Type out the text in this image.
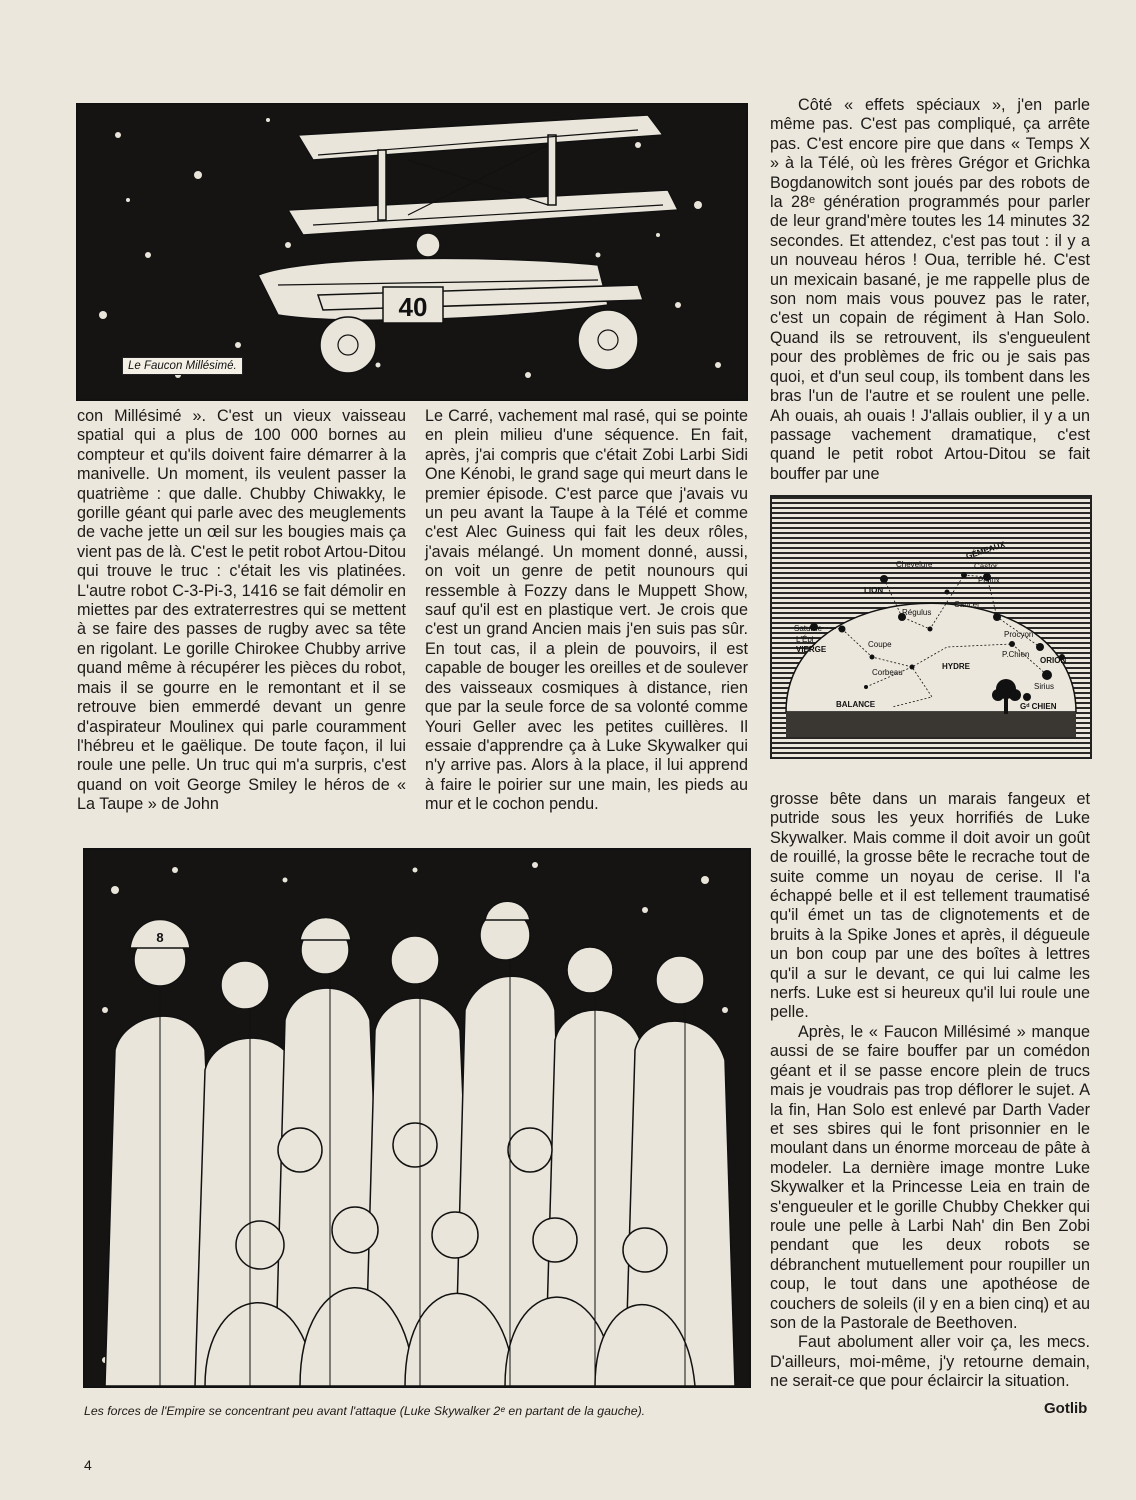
40
Le Faucon Millésimé.

Côté « effets spéciaux », j'en parle même pas. C'est pas compliqué, ça arrête pas. C'est encore pire que dans « Temps X » à la Télé, où les frères Grégor et Grichka Bogdanowitch sont joués par des robots de la 28ᵉ génération programmés pour parler de leur grand'mère toutes les 14 minutes 32 secondes. Et attendez, c'est pas tout : il y a un nouveau héros ! Oua, terrible hé. C'est un mexicain basané, je me rappelle plus de son nom mais vous pouvez pas le rater, c'est un copain de régiment à Han Solo. Quand ils se retrouvent, ils s'engueulent pour des problèmes de fric ou je sais pas quoi, et d'un seul coup, ils tombent dans les bras l'un de l'autre et se roulent une pelle. Ah ouais, ah ouais ! J'allais oublier, il y a un passage vachement dramatique, c'est quand le petit robot Artou-Ditou se fait bouffer par une

Chevelure	Castor
Pollux
GÉMEAUX
LION
Régulus
Cancer
Procyon
Saturne
L'Épi
VIERGE
Coupe
P.Chien
ORION
HYDRE
Corbeau
Sirius
BALANCE	Gᵈ CHIEN

con Millésimé ». C'est un vieux vaisseau spatial qui a plus de 100 000 bornes au compteur et qu'ils doivent faire démarrer à la manivelle. Un moment, ils veulent passer la quatrième : que dalle. Chubby Chiwakky, le gorille géant qui parle avec des meuglements de vache jette un œil sur les bougies mais ça vient pas de là. C'est le petit robot Artou-Ditou qui trouve le truc : c'était les vis platinées. L'autre robot C-3-Pi-3, 1416 se fait démolir en miettes par des extraterrestres qui se mettent à se faire des passes de rugby avec sa tête en rigolant. Le gorille Chirokee Chubby arrive quand même à récupérer les pièces du robot, mais il se gourre en le remontant et il se retrouve bien emmerdé devant un genre d'aspirateur Moulinex qui parle couramment l'hébreu et le gaëlique. De toute façon, il lui roule une pelle. Un truc qui m'a surpris, c'est quand on voit George Smiley le héros de « La Taupe » de John

Le Carré, vachement mal rasé, qui se pointe en plein milieu d'une séquence. En fait, après, j'ai compris que c'était Zobi Larbi Sidi One Kénobi, le grand sage qui meurt dans le premier épisode. C'est parce que j'avais vu un peu avant la Taupe à la Télé et comme c'est Alec Guiness qui fait les deux rôles, j'avais mélangé. Un moment donné, aussi, on voit un genre de petit nounours qui ressemble à Fozzy dans le Muppett Show, sauf qu'il est en plastique vert. Je crois que c'est un grand Ancien mais j'en suis pas sûr. En tout cas, il a plein de pouvoirs, il est capable de bouger les oreilles et de soulever des vaisseaux cosmiques à distance, rien que par la seule force de sa volonté comme Youri Geller avec les petites cuillères. Il essaie d'apprendre ça à Luke Skywalker qui n'y arrive pas. Alors à la place, il lui apprend à faire le poirier sur une main, les pieds au mur et le cochon pendu.	grosse bête dans un marais fangeux et putride sous les yeux horrifiés de Luke Skywalker. Mais comme il doit avoir un goût de rouillé, la grosse bête le recrache tout de suite comme un noyau de cerise. Il l'a échappé belle et il est tellement traumatisé qu'il émet un tas de clignotements et de bruits à la Spike Jones et après, il dégueule un bon coup par une des boîtes à lettres qu'il a sur le devant, ce qui lui calme les nerfs. Luke est si heureux qu'il lui roule une pelle.

Après, le « Faucon Millésimé » manque aussi de se faire bouffer par un comédon géant et il se passe encore plein de trucs mais je voudrais pas trop déflorer le sujet. A la fin, Han Solo est enlevé par Darth Vader et ses sbires qui le font prisonnier en le moulant dans un énorme morceau de pâte à modeler. La dernière image montre Luke Skywalker et la Princesse Leia en train de s'engueuler et le gorille Chubby Chekker qui roule une pelle à Larbi Nah' din Ben Zobi pendant que les deux robots se débranchent mutuellement pour roupiller un coup, le tout dans une apothéose de couchers de soleils (il y en a bien cinq) et au son de la Pastorale de Beethoven.

Faut abolument aller voir ça, les mecs. D'ailleurs, moi-même, j'y retourne demain, ne serait-ce que pour éclaircir la situation.

8
Les forces de l'Empire se concentrant peu avant l'attaque (Luke Skywalker 2ᵉ en partant de la gauche).	Gotlib
4
